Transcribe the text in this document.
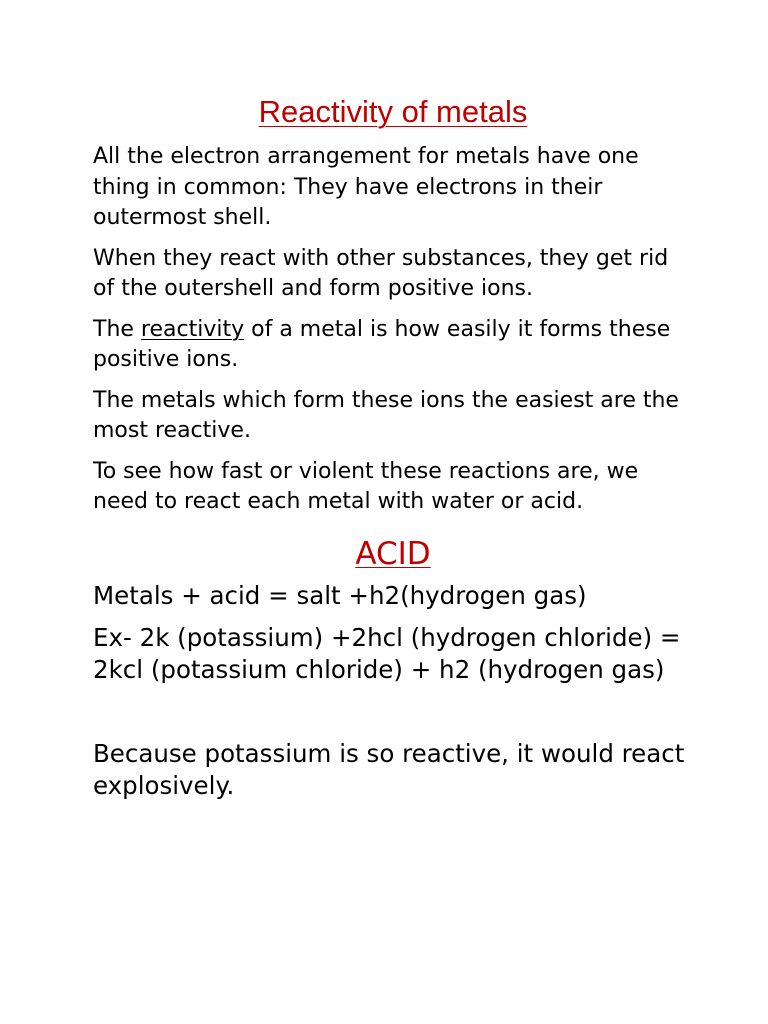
Reactivity of metals

All the electron arrangement for metals have one thing in common: They have electrons in their outermost shell.

When they react with other substances, they get rid of the outershell and form positive ions.

The reactivity of a metal is how easily it forms these positive ions.

The metals which form these ions the easiest are the most reactive.

To see how fast or violent these reactions are, we need to react each metal with water or acid.

ACID

Metals + acid = salt +h2(hydrogen gas)

Ex- 2k (potassium) +2hcl (hydrogen chloride) = 2kcl (potassium chloride) + h2 (hydrogen gas)

Because potassium is so reactive, it would react explosively.
